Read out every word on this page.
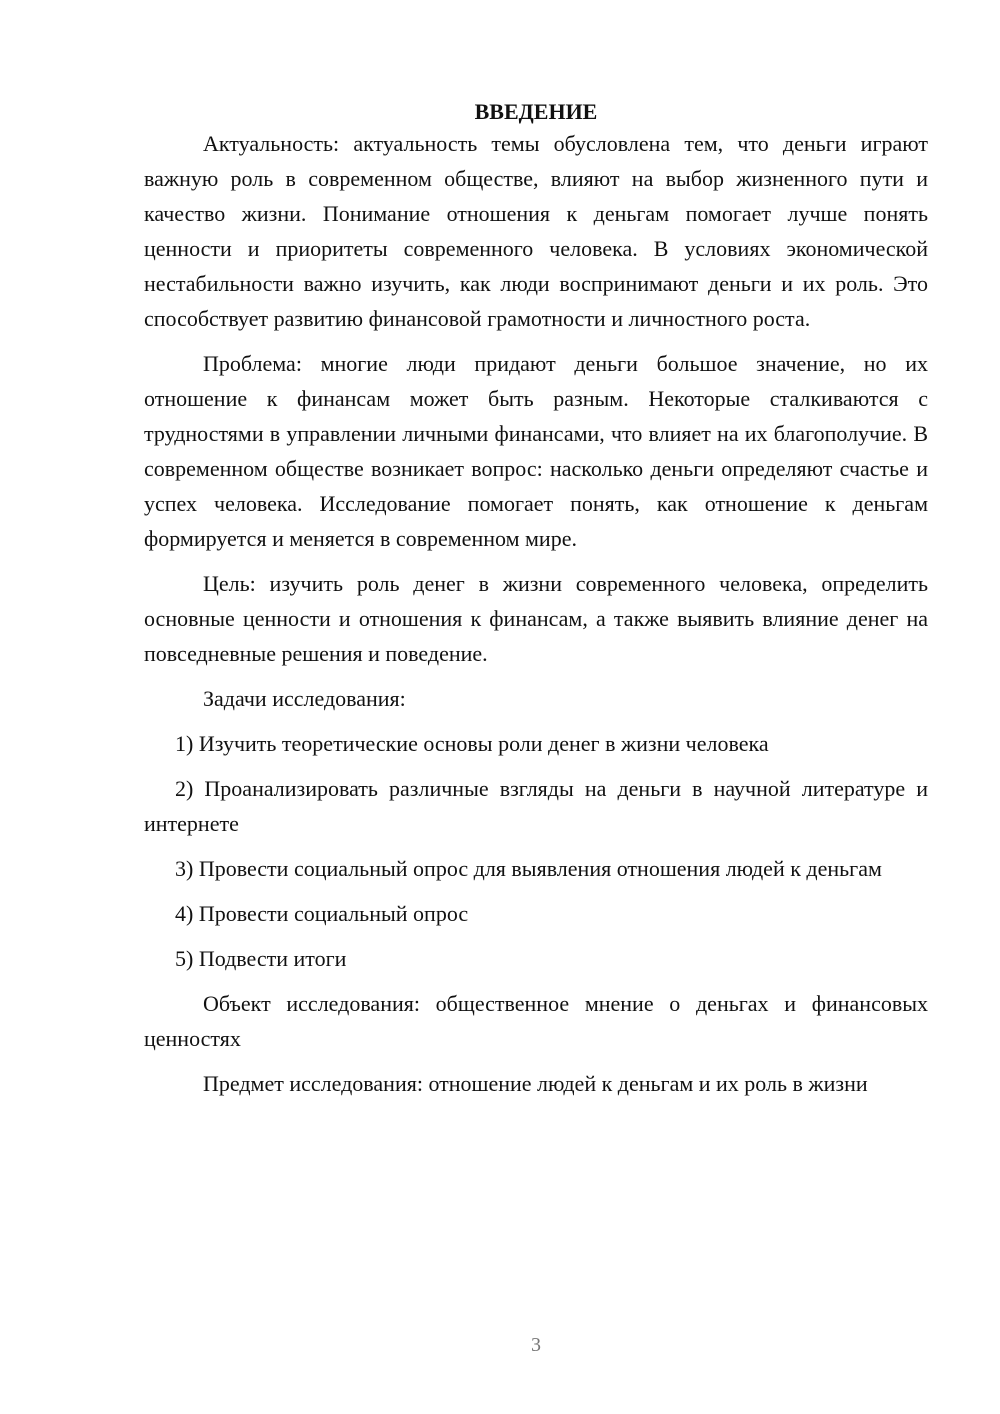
ВВЕДЕНИЕ

Актуальность: актуальность темы обусловлена тем, что деньги играют важную роль в современном обществе, влияют на выбор жизненного пути и качество жизни. Понимание отношения к деньгам помогает лучше понять ценности и приоритеты современного человека. В условиях экономической нестабильности важно изучить, как люди воспринимают деньги и их роль. Это способствует развитию финансовой грамотности и личностного роста.

Проблема: многие люди придают деньги большое значение, но их отношение к финансам может быть разным. Некоторые сталкиваются с трудностями в управлении личными финансами, что влияет на их благополучие. В современном обществе возникает вопрос: насколько деньги определяют счастье и успех человека. Исследование помогает понять, как отношение к деньгам формируется и меняется в современном мире.

Цель: изучить роль денег в жизни современного человека, определить основные ценности и отношения к финансам, а также выявить влияние денег на повседневные решения и поведение.

Задачи исследования:

1) Изучить теоретические основы роли денег в жизни человека

2) Проанализировать различные взгляды на деньги в научной литературе и интернете

3) Провести социальный опрос для выявления отношения людей к деньгам

4) Провести социальный опрос

5) Подвести итоги

Объект исследования: общественное мнение о деньгах и финансовых ценностях

Предмет исследования: отношение людей к деньгам и их роль в жизни

3
